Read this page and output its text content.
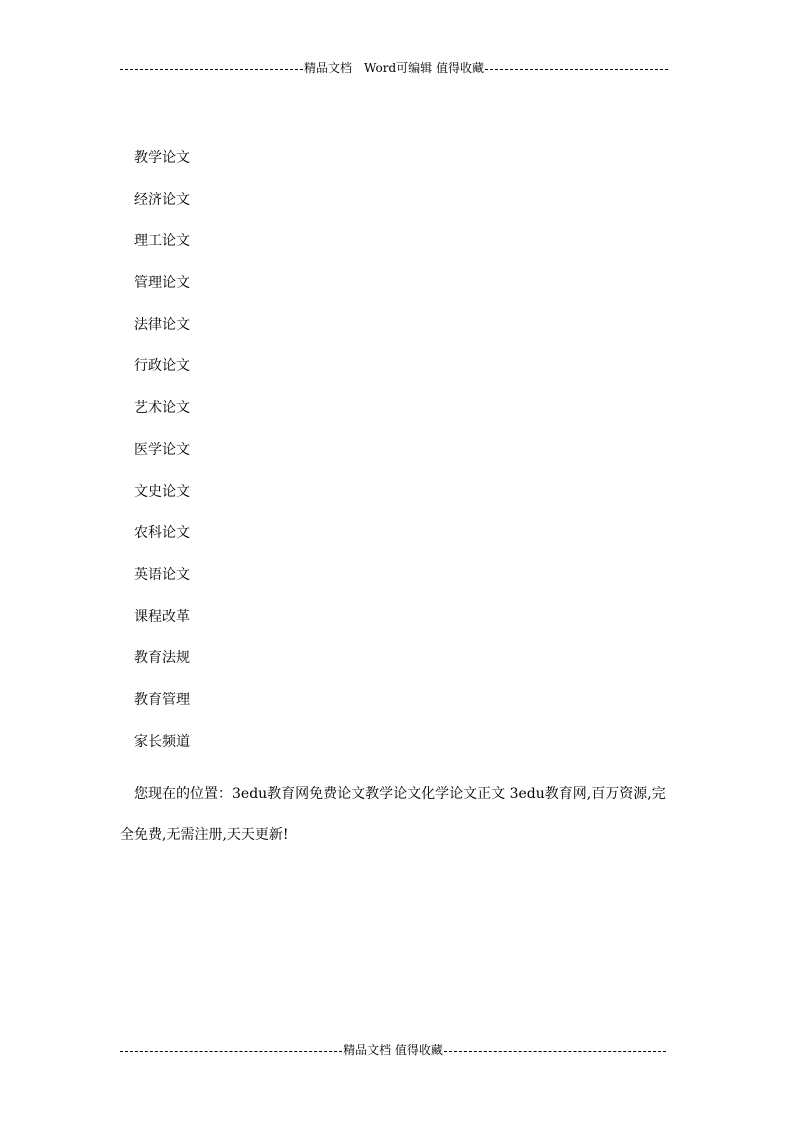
精品文档　Word可编辑 值得收藏
教学论文
经济论文
理工论文
管理论文
法律论文
行政论文
艺术论文
医学论文
文史论文
农科论文
英语论文
课程改革
教育法规
教育管理
家长频道

您现在的位置：3edu教育网免费论文教学论文化学论文正文 3edu教育网,百万资源,完全免费,无需注册,天天更新!

精品文档 值得收藏
